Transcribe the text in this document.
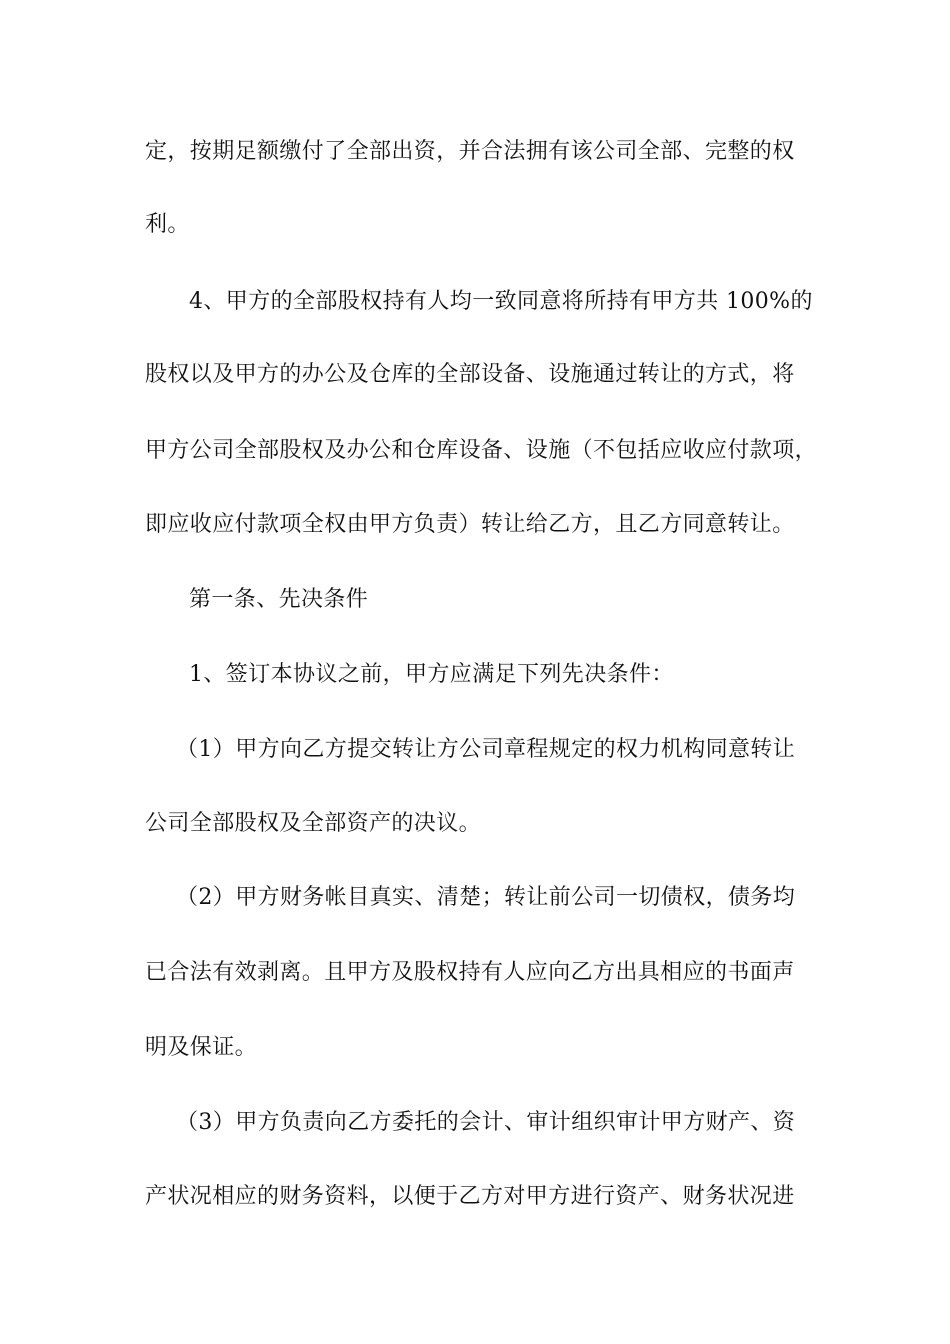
定，按期足额缴付了全部出资，并合法拥有该公司全部、完整的权
利。
4、甲方的全部股权持有人均一致同意将所持有甲方共 100%的
股权以及甲方的办公及仓库的全部设备、设施通过转让的方式，将
甲方公司全部股权及办公和仓库设备、设施（不包括应收应付款项，
即应收应付款项全权由甲方负责）转让给乙方，且乙方同意转让。
第一条、先决条件
1、签订本协议之前，甲方应满足下列先决条件：
（1）甲方向乙方提交转让方公司章程规定的权力机构同意转让
公司全部股权及全部资产的决议。
（2）甲方财务帐目真实、清楚；转让前公司一切债权，债务均
已合法有效剥离。且甲方及股权持有人应向乙方出具相应的书面声
明及保证。
（3）甲方负责向乙方委托的会计、审计组织审计甲方财产、资
产状况相应的财务资料，以便于乙方对甲方进行资产、财务状况进
